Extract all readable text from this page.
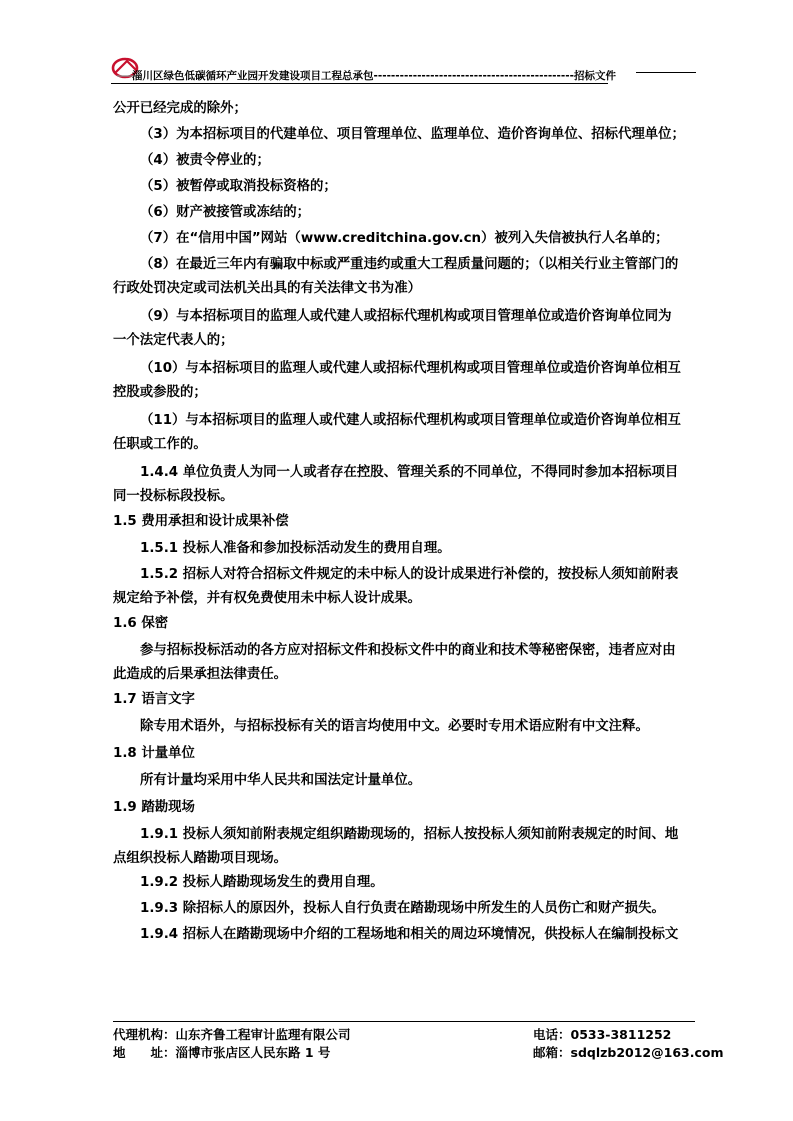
淄川区绿色低碳循环产业园开发建设项目工程总承包----------------------------------------------招标文件
公开已经完成的除外；
（3）为本招标项目的代建单位、项目管理单位、监理单位、造价咨询单位、招标代理单位；
（4）被责令停业的；
（5）被暂停或取消投标资格的；
（6）财产被接管或冻结的；
（7）在“信用中国”网站（www.creditchina.gov.cn）被列入失信被执行人名单的；
（8）在最近三年内有骗取中标或严重违约或重大工程质量问题的；（以相关行业主管部门的
行政处罚决定或司法机关出具的有关法律文书为准）
（9）与本招标项目的监理人或代建人或招标代理机构或项目管理单位或造价咨询单位同为
一个法定代表人的；
（10）与本招标项目的监理人或代建人或招标代理机构或项目管理单位或造价咨询单位相互
控股或参股的；
（11）与本招标项目的监理人或代建人或招标代理机构或项目管理单位或造价咨询单位相互
任职或工作的。
1.4.4 单位负责人为同一人或者存在控股、管理关系的不同单位，不得同时参加本招标项目
同一投标标段投标。
1.5 费用承担和设计成果补偿
1.5.1 投标人准备和参加投标活动发生的费用自理。
1.5.2 招标人对符合招标文件规定的未中标人的设计成果进行补偿的，按投标人须知前附表
规定给予补偿，并有权免费使用未中标人设计成果。
1.6 保密
参与招标投标活动的各方应对招标文件和投标文件中的商业和技术等秘密保密，违者应对由
此造成的后果承担法律责任。
1.7 语言文字
除专用术语外，与招标投标有关的语言均使用中文。必要时专用术语应附有中文注释。
1.8 计量单位
所有计量均采用中华人民共和国法定计量单位。
1.9 踏勘现场
1.9.1 投标人须知前附表规定组织踏勘现场的，招标人按投标人须知前附表规定的时间、地
点组织投标人踏勘项目现场。
1.9.2 投标人踏勘现场发生的费用自理。
1.9.3 除招标人的原因外，投标人自行负责在踏勘现场中所发生的人员伤亡和财产损失。
1.9.4 招标人在踏勘现场中介绍的工程场地和相关的周边环境情况，供投标人在编制投标文
代理机构：山东齐鲁工程审计监理有限公司	电话：0533-3811252
地　　址：淄博市张店区人民东路 1 号	邮箱：sdqlzb2012@163.com
